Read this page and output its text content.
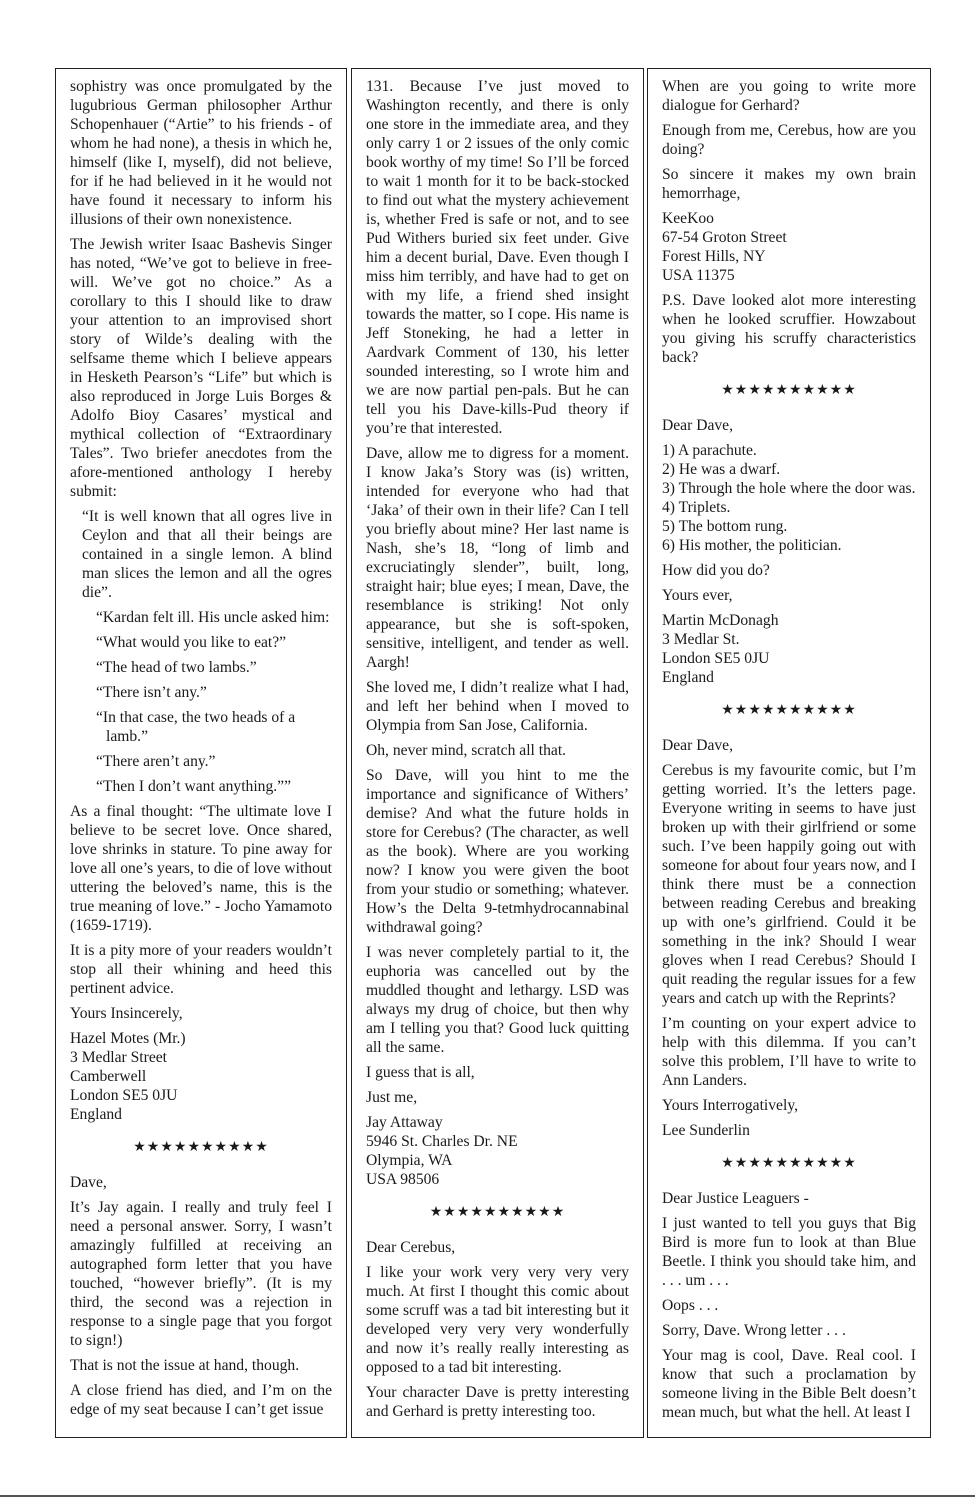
sophistry was once promulgated by the lugubrious German philosopher Arthur Schopenhauer (“Artie” to his friends - of whom he had none), a thesis in which he, himself (like I, myself), did not believe, for if he had believed in it he would not have found it necessary to inform his illusions of their own nonexistence.

The Jewish writer Isaac Bashevis Singer has noted, “We’ve got to believe in free-will. We’ve got no choice.” As a corollary to this I should like to draw your attention to an improvised short story of Wilde’s dealing with the selfsame theme which I believe appears in Hesketh Pearson’s “Life” but which is also reproduced in Jorge Luis Borges & Adolfo Bioy Casares’ mystical and mythical collection of “Extraordinary Tales”. Two briefer anecdotes from the afore-mentioned anthology I hereby submit:

“It is well known that all ogres live in Ceylon and that all their beings are contained in a single lemon. A blind man slices the lemon and all the ogres die”.
“Kardan felt ill. His uncle asked him:
“What would you like to eat?”
“The head of two lambs.”
“There isn’t any.”
“In that case, the two heads of a lamb.”
“There aren’t any.”
“Then I don’t want anything.””

As a final thought: “The ultimate love I believe to be secret love. Once shared, love shrinks in stature. To pine away for love all one’s years, to die of love without uttering the beloved’s name, this is the true meaning of love.” - Jocho Yamamoto (1659-1719).

It is a pity more of your readers wouldn’t stop all their whining and heed this pertinent advice.

Yours Insincerely,

Hazel Motes (Mr.)
3 Medlar Street
Camberwell
London SE5 0JU
England
★★★★★★★★★★

Dave,

It’s Jay again. I really and truly feel I need a personal answer. Sorry, I wasn’t amazingly fulfilled at receiving an autographed form letter that you have touched, “however briefly”. (It is my third, the second was a rejection in response to a single page that you forgot to sign!)

That is not the issue at hand, though.

A close friend has died, and I’m on the edge of my seat because I can’t get issue

131. Because I’ve just moved to Washington recently, and there is only one store in the immediate area, and they only carry 1 or 2 issues of the only comic book worthy of my time! So I’ll be forced to wait 1 month for it to be back-stocked to find out what the mystery achievement is, whether Fred is safe or not, and to see Pud Withers buried six feet under. Give him a decent burial, Dave. Even though I miss him terribly, and have had to get on with my life, a friend shed insight towards the matter, so I cope. His name is Jeff Stoneking, he had a letter in Aardvark Comment of 130, his letter sounded interesting, so I wrote him and we are now partial pen-pals. But he can tell you his Dave-kills-Pud theory if you’re that interested.

Dave, allow me to digress for a moment. I know Jaka’s Story was (is) written, intended for everyone who had that ‘Jaka’ of their own in their life? Can I tell you briefly about mine? Her last name is Nash, she’s 18, “long of limb and excruciatingly slender”, built, long, straight hair; blue eyes; I mean, Dave, the resemblance is striking! Not only appearance, but she is soft-spoken, sensitive, intelligent, and tender as well. Aargh!

She loved me, I didn’t realize what I had, and left her behind when I moved to Olympia from San Jose, California.

Oh, never mind, scratch all that.

So Dave, will you hint to me the importance and significance of Withers’ demise? And what the future holds in store for Cerebus? (The character, as well as the book). Where are you working now? I know you were given the boot from your studio or something; whatever. How’s the Delta 9-tetmhydrocannabinal withdrawal going?

I was never completely partial to it, the euphoria was cancelled out by the muddled thought and lethargy. LSD was always my drug of choice, but then why am I telling you that? Good luck quitting all the same.

I guess that is all,

Just me,

Jay Attaway
5946 St. Charles Dr. NE
Olympia, WA
USA 98506
★★★★★★★★★★

Dear Cerebus,

I like your work very very very very much. At first I thought this comic about some scruff was a tad bit interesting but it developed very very very wonderfully and now it’s really really interesting as opposed to a tad bit interesting.

Your character Dave is pretty interesting and Gerhard is pretty interesting too.

When are you going to write more dialogue for Gerhard?

Enough from me, Cerebus, how are you doing?

So sincere it makes my own brain hemorrhage,

KeeKoo
67-54 Groton Street
Forest Hills, NY
USA 11375

P.S. Dave looked alot more interesting when he looked scruffier. Howzabout you giving his scruffy characteristics back?

★★★★★★★★★★

Dear Dave,

1) A parachute.
2) He was a dwarf.
3) Through the hole where the door was.
4) Triplets.
5) The bottom rung.
6) His mother, the politician.

How did you do?

Yours ever,

Martin McDonagh
3 Medlar St.
London SE5 0JU
England
★★★★★★★★★★

Dear Dave,

Cerebus is my favourite comic, but I’m getting worried. It’s the letters page. Everyone writing in seems to have just broken up with their girlfriend or some such. I’ve been happily going out with someone for about four years now, and I think there must be a connection between reading Cerebus and breaking up with one’s girlfriend. Could it be something in the ink? Should I wear gloves when I read Cerebus? Should I quit reading the regular issues for a few years and catch up with the Reprints?

I’m counting on your expert advice to help with this dilemma. If you can’t solve this problem, I’ll have to write to Ann Landers.

Yours Interrogatively,

Lee Sunderlin

★★★★★★★★★★

Dear Justice Leaguers -

I just wanted to tell you guys that Big Bird is more fun to look at than Blue Beetle. I think you should take him, and . . . um . . .

Oops . . .

Sorry, Dave. Wrong letter . . .

Your mag is cool, Dave. Real cool. I know that such a proclamation by someone living in the Bible Belt doesn’t mean much, but what the hell. At least I
